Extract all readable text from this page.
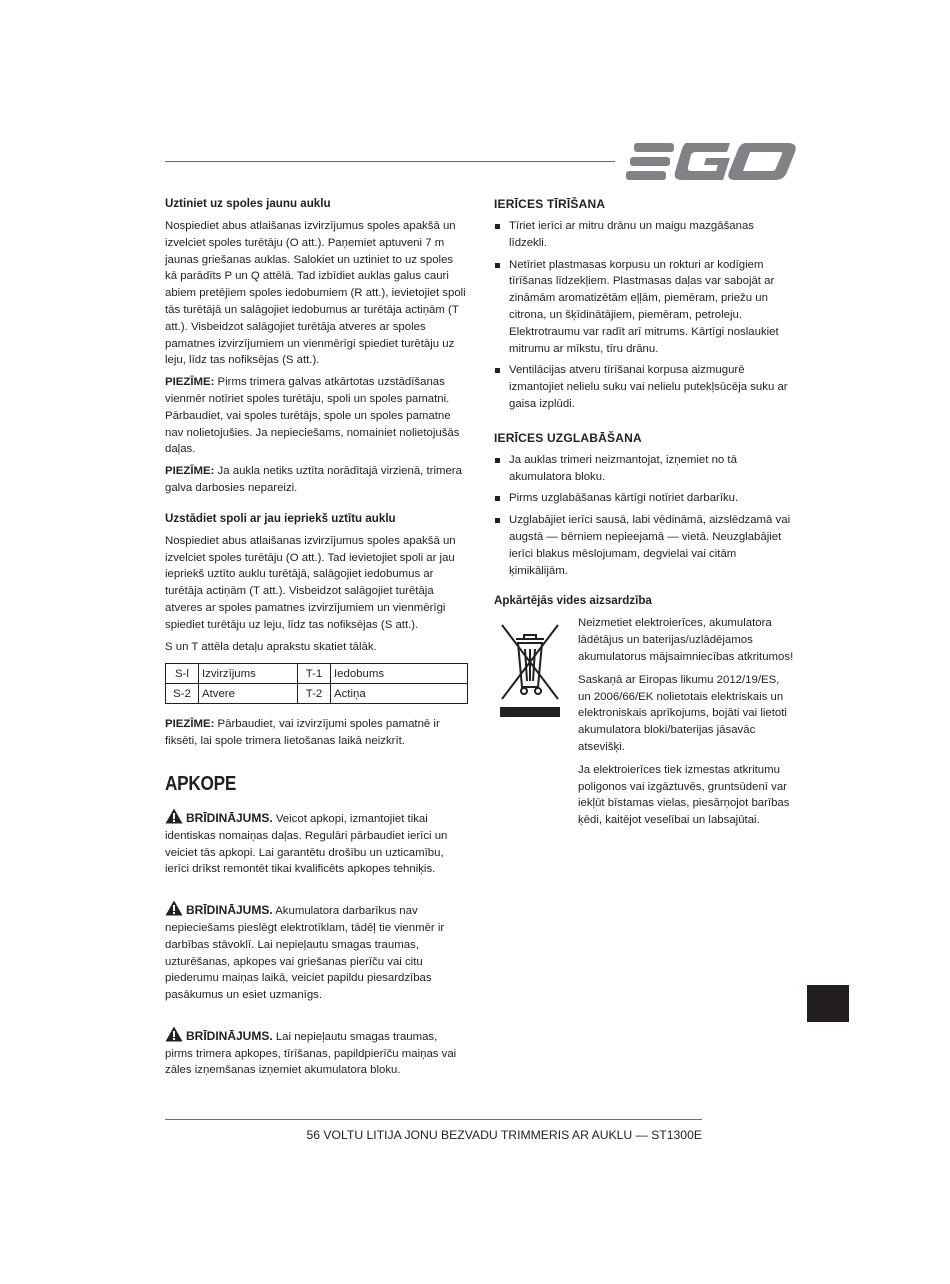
Uztiniet uz spoles jaunu auklu

Nospiediet abus atlaišanas izvirzījumus spoles apakšā un izvelciet spoles turētāju (O att.). Paņemiet aptuveni 7 m jaunas griešanas auklas. Salokiet un uztiniet to uz spoles kā parādīts P un Q attēlā. Tad izbīdiet auklas galus cauri abiem pretējiem spoles iedobumiem (R att.), ievietojiet spoli tās turētājā un salāgojiet iedobumus ar turētāja actiņām (T att.). Visbeidzot salāgojiet turētāja atveres ar spoles pamatnes izvirzījumiem un vienmērīgi spiediet turētāju uz leju, līdz tas nofiksējas (S att.).

PIEZĪME: Pirms trimera galvas atkārtotas uzstādīšanas vienmēr notīriet spoles turētāju, spoli un spoles pamatni. Pārbaudiet, vai spoles turētājs, spole un spoles pamatne nav nolietojušies. Ja nepieciešams, nomainiet nolietojušās daļas.

PIEZĪME: Ja aukla netiks uztīta norādītajā virzienā, trimera galva darbosies nepareizi.

Uzstādiet spoli ar jau iepriekš uztītu auklu

Nospiediet abus atlaišanas izvirzījumus spoles apakšā un izvelciet spoles turētāju (O att.). Tad ievietojiet spoli ar jau iepriekš uztīto auklu turētājā, salāgojiet iedobumus ar turētāja actiņām (T att.). Visbeidzot salāgojiet turētāja atveres ar spoles pamatnes izvirzījumiem un vienmērīgi spiediet turētāju uz leju, līdz tas nofiksējas (S att.).

S un T attēla detaļu aprakstu skatiet tālāk.

S-l	Izvirzījums	T-1	Iedobums
S-2	Atvere	T-2	Actiņa

PIEZĪME: Pārbaudiet, vai izvirzījumi spoles pamatnē ir fiksēti, lai spole trimera lietošanas laikā neizkrīt.

APKOPE

BRĪDINĀJUMS. Veicot apkopi, izmantojiet tikai identiskas nomaiņas daļas. Regulāri pārbaudiet ierīci un veiciet tās apkopi. Lai garantētu drošību un uzticamību, ierīci drīkst remontēt tikai kvalificēts apkopes tehniķis.

BRĪDINĀJUMS. Akumulatora darbarīkus nav nepieciešams pieslēgt elektrotīklam, tādēļ tie vienmēr ir darbības stāvoklī. Lai nepieļautu smagas traumas, uzturēšanas, apkopes vai griešanas pierīču vai citu piederumu maiņas laikā, veiciet papildu piesardzības pasākumus un esiet uzmanīgs.

BRĪDINĀJUMS. Lai nepieļautu smagas traumas, pirms trimera apkopes, tīrīšanas, papildpierīču maiņas vai zāles izņemšanas izņemiet akumulatora bloku.

IERĪCES TĪRĪŠANA
Tīriet ierīci ar mitru drānu un maigu mazgāšanas līdzekli.
Netīriet plastmasas korpusu un rokturi ar kodīgiem tīrīšanas līdzekļiem. Plastmasas daļas var sabojāt ar zināmām aromatizētām eļļām, piemēram, priežu un citrona, un šķīdinātājiem, piemēram, petroleju. Elektrotraumu var radīt arī mitrums. Kārtīgi noslaukiet mitrumu ar mīkstu, tīru drānu.
Ventilācijas atveru tīrīšanai korpusa aizmugurē izmantojiet nelielu suku vai nelielu putekļsūcēja suku ar gaisa izplūdi.
IERĪCES UZGLABĀŠANA
Ja auklas trimeri neizmantojat, izņemiet no tā akumulatora bloku.
Pirms uzglabāšanas kārtīgi notīriet darbarīku.
Uzglabājiet ierīci sausā, labi vēdināmā, aizslēdzamā vai augstā — bērniem nepieejamā — vietā. Neuzglabājiet ierīci blakus mēslojumam, degvielai vai citām ķimikālijām.
Apkārtējās vides aizsardzība

Neizmetiet elektroierīces, akumulatora lādētājus un baterijas/uzlādējamos akumulatorus mājsaimniecības atkritumos!

Saskaņā ar Eiropas likumu 2012/19/ES, un 2006/66/EK nolietotais elektriskais un elektroniskais aprīkojums, bojāti vai lietoti akumulatora bloki/baterijas jāsavāc atsevišķi.

Ja elektroierīces tiek izmestas atkritumu poligonos vai izgāztuvēs, gruntsūdenī var iekļūt bīstamas vielas, piesārņojot barības ķēdi, kaitējot veselībai un labsajūtai.

56 VOLTU LITIJA JONU BEZVADU TRIMMERIS AR AUKLU — ST1300E
